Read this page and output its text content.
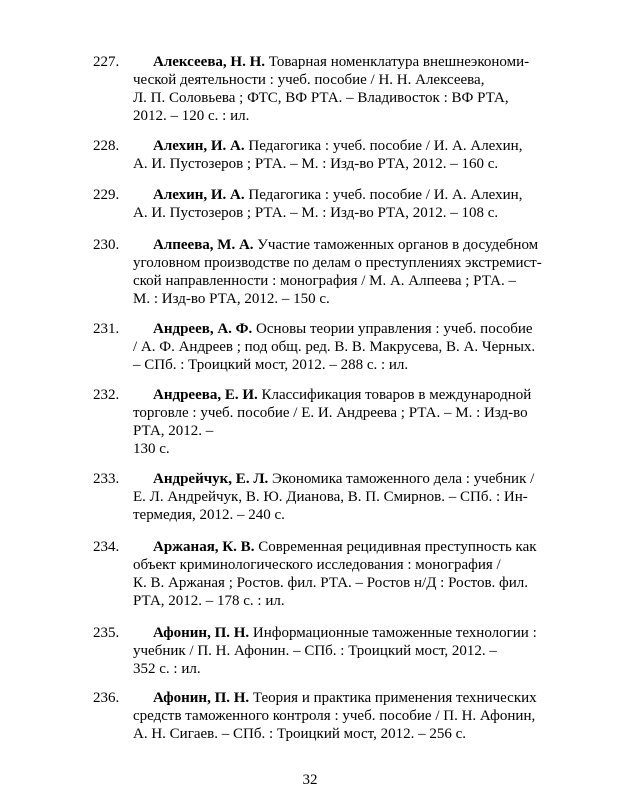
227. Алексеева, Н. Н. Товарная номенклатура внешнеэкономи-
ческой деятельности : учеб. пособие / Н. Н. Алексеева,
Л. П. Соловьева ; ФТС, ВФ РТА. – Владивосток : ВФ РТА,
2012. – 120 с. : ил.
228. Алехин, И. А. Педагогика : учеб. пособие / И. А. Алехин,
А. И. Пустозеров ; РТА. – М. : Изд-во РТА, 2012. – 160 с.
229. Алехин, И. А. Педагогика : учеб. пособие / И. А. Алехин,
А. И. Пустозеров ; РТА. – М. : Изд-во РТА, 2012. – 108 с.
230. Алпеева, М. А. Участие таможенных органов в досудебном
уголовном производстве по делам о преступлениях экстремист-
ской направленности : монография / М. А. Алпеева ; РТА. –
М. : Изд-во РТА, 2012. – 150 с.
231. Андреев, А. Ф. Основы теории управления : учеб. пособие
/ А. Ф. Андреев ; под общ. ред. В. В. Макрусева, В. А. Черных.
– СПб. : Троицкий мост, 2012. – 288 с. : ил.
232. Андреева, Е. И. Классификация товаров в международной
торговле : учеб. пособие / Е. И. Андреева ; РТА. – М. : Изд-во
РТА, 2012. –
130 с.
233. Андрейчук, Е. Л. Экономика таможенного дела : учебник /
Е. Л. Андрейчук, В. Ю. Дианова, В. П. Смирнов. – СПб. : Ин-
термедия, 2012. – 240 с.
234. Аржаная, К. В. Современная рецидивная преступность как
объект криминологического исследования : монография /
К. В. Аржаная ; Ростов. фил. РТА. – Ростов н/Д : Ростов. фил.
РТА, 2012. – 178 с. : ил.
235. Афонин, П. Н. Информационные таможенные технологии :
учебник / П. Н. Афонин. – СПб. : Троицкий мост, 2012. –
352 с. : ил.
236. Афонин, П. Н. Теория и практика применения технических
средств таможенного контроля : учеб. пособие / П. Н. Афонин,
А. Н. Сигаев. – СПб. : Троицкий мост, 2012. – 256 с.
32
